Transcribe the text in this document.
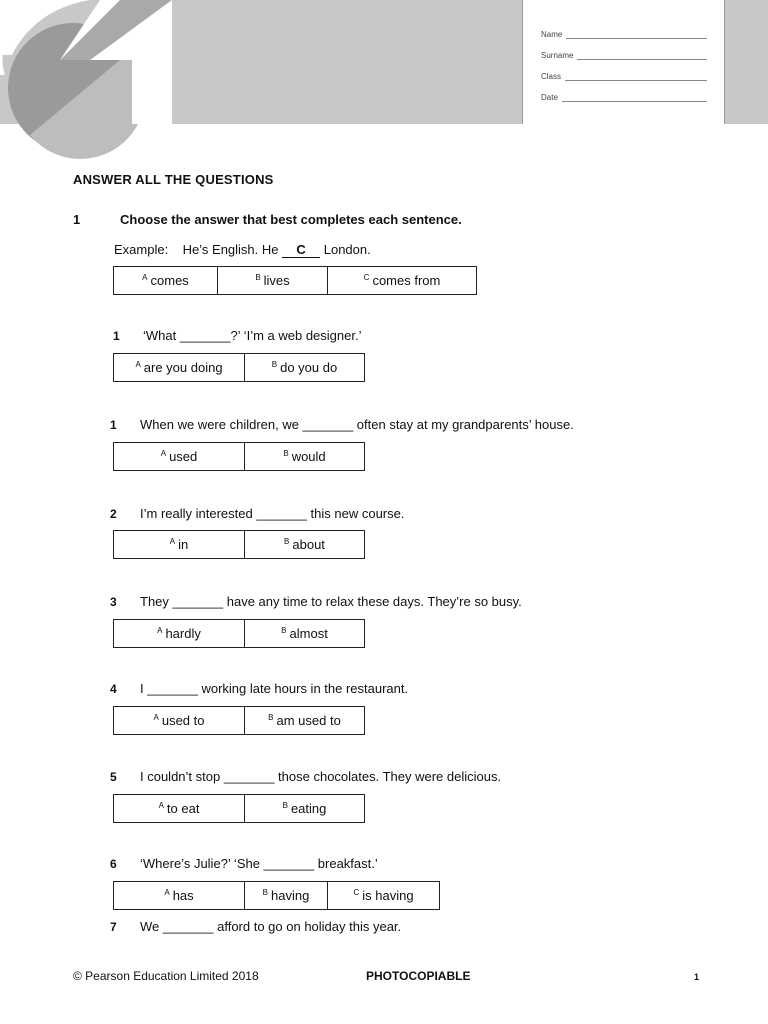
Name
Surname
Class
Date
ANSWER ALL THE QUESTIONS
1	Choose the answer that best completes each sentence.
Example:    He’s English. He C London.
$^A$ comes	$^B$ lives	$^C$ comes from
1 ‘What _______?’ ‘I’m a web designer.’
$^A$ are you doing	$^B$ do you do
1 When we were children, we _______ often stay at my grandparents’ house.
$^A$ used	$^B$ would
2 I’m really interested _______ this new course.
$^A$ in	$^B$ about
3 They _______ have any time to relax these days. They’re so busy.
$^A$ hardly	$^B$ almost
4 I _______ working late hours in the restaurant.
$^A$ used to	$^B$ am used to
5 I couldn’t stop _______ those chocolates. They were delicious.
$^A$ to eat	$^B$ eating
6 ‘Where’s Julie?’ ‘She _______ breakfast.’
$^A$ has	$^B$ having	$^C$ is having
7 We _______ afford to go on holiday this year.
© Pearson Education Limited 2018	PHOTOCOPIABLE	1
